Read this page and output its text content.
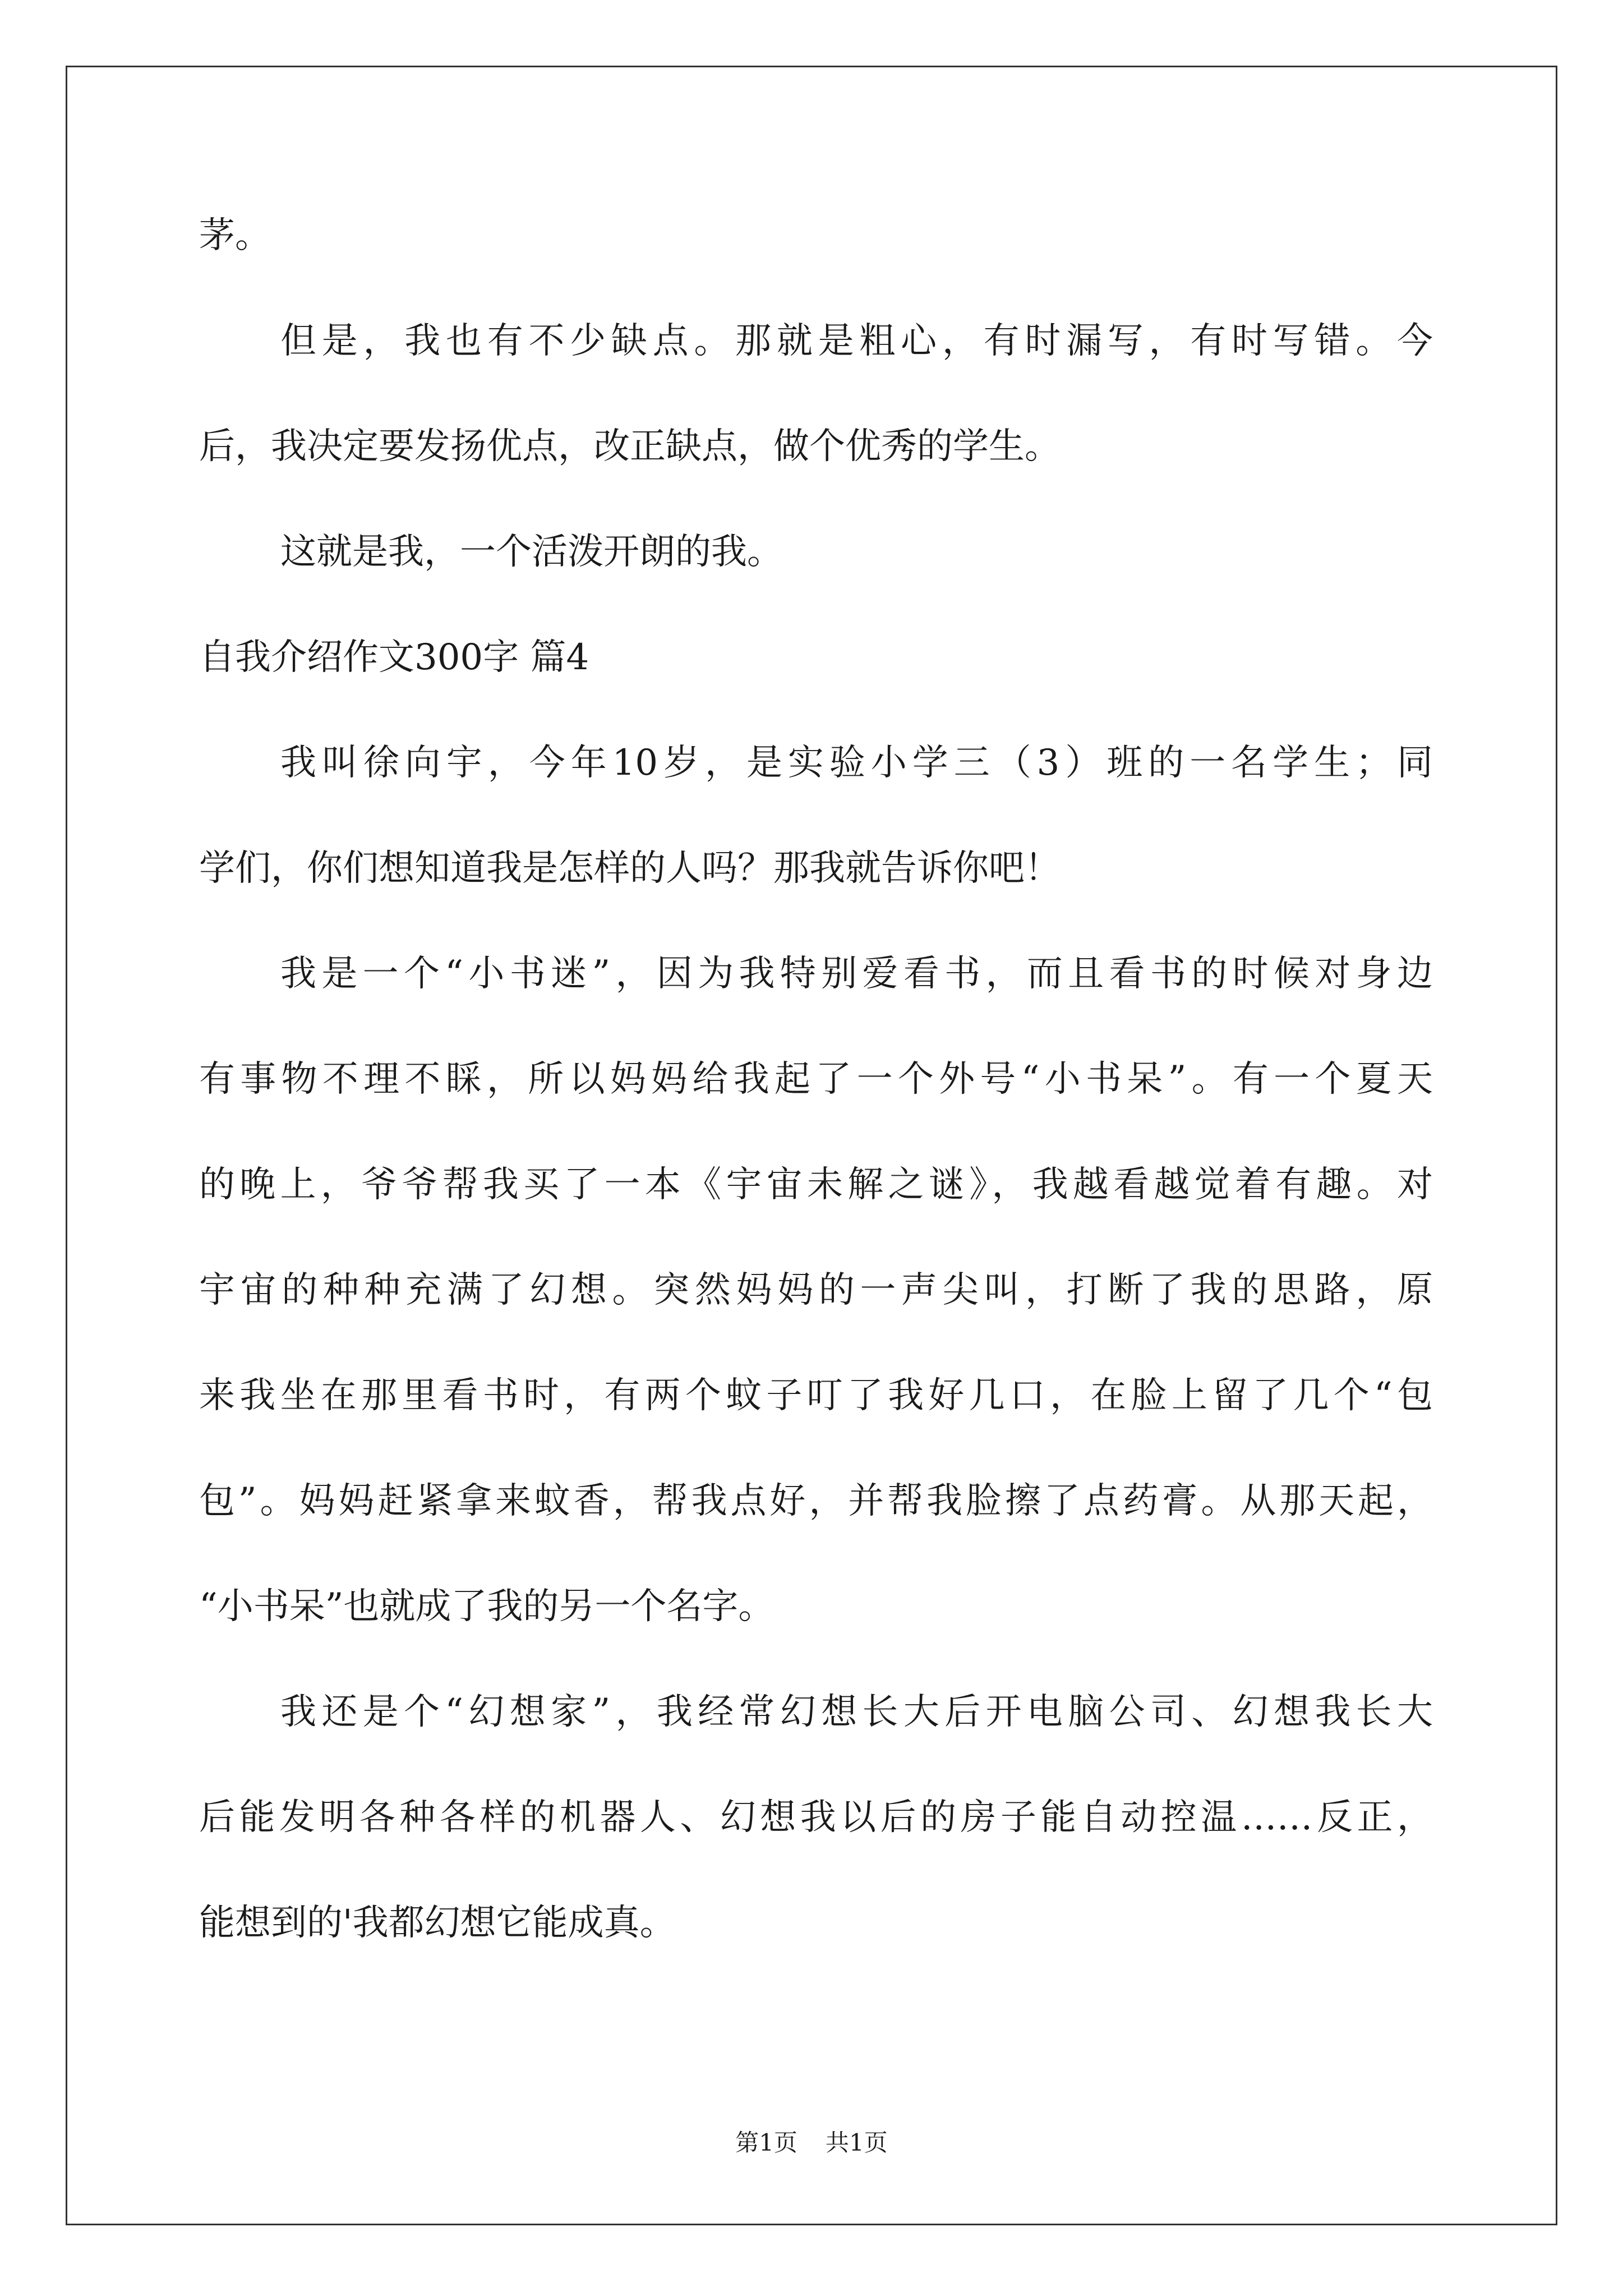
茅。
但是，我也有不少缺点。那就是粗心，有时漏写，有时写错。今
后，我决定要发扬优点，改正缺点，做个优秀的学生。
这就是我，一个活泼开朗的我。
自我介绍作文300字 篇4
我叫徐向宇，今年10岁，是实验小学三（3）班的一名学生；同
学们，你们想知道我是怎样的人吗？那我就告诉你吧！
我是一个“小书迷”，因为我特别爱看书，而且看书的时候对身边
有事物不理不睬，所以妈妈给我起了一个外号“小书呆”。有一个夏天
的晚上，爷爷帮我买了一本《宇宙未解之谜》，我越看越觉着有趣。对
宇宙的种种充满了幻想。突然妈妈的一声尖叫，打断了我的思路，原
来我坐在那里看书时，有两个蚊子叮了我好几口，在脸上留了几个“包
包”。妈妈赶紧拿来蚊香，帮我点好，并帮我脸擦了点药膏。从那天起，
“小书呆”也就成了我的另一个名字。
我还是个“幻想家”，我经常幻想长大后开电脑公司、幻想我长大
后能发明各种各样的机器人、幻想我以后的房子能自动控温……反正，
能想到的'我都幻想它能成真。
第1页 共1页
